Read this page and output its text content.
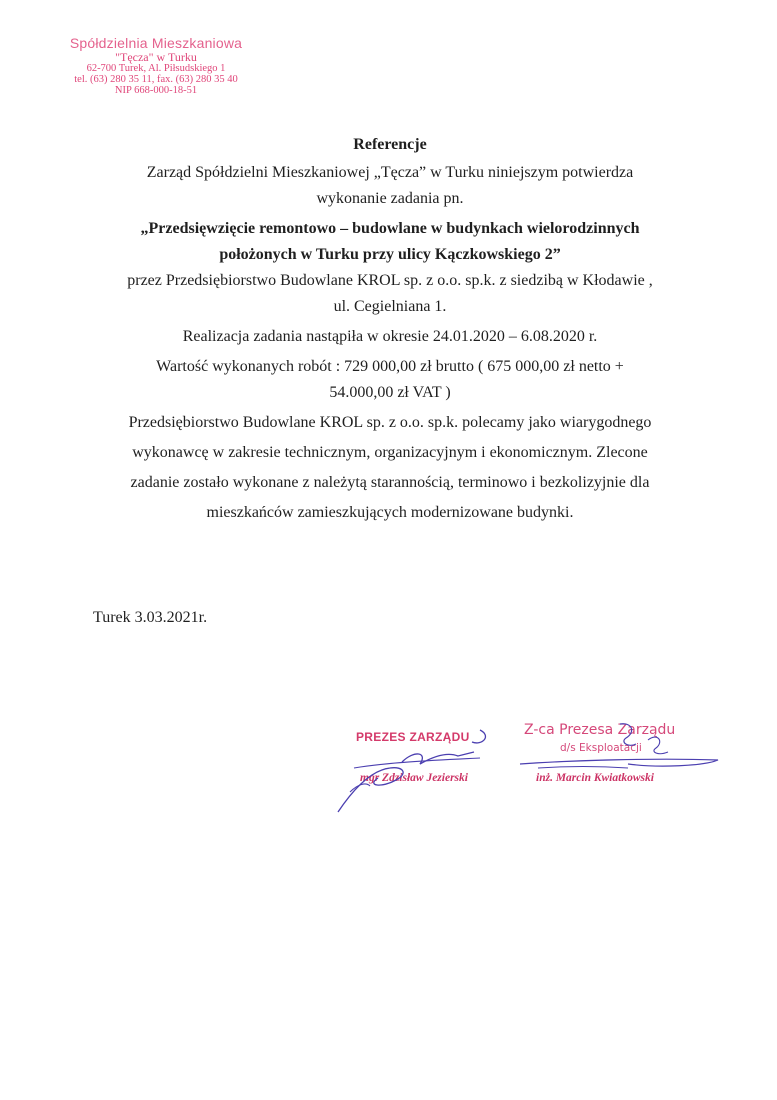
Spółdzielnia Mieszkaniowa
"Tęcza" w Turku
62-700 Turek, Al. Piłsudskiego 1
tel. (63) 280 35 11, fax. (63) 280 35 40
NIP 668-000-18-51

Referencje

Zarząd Spółdzielni Mieszkaniowej „Tęcza” w Turku niniejszym potwierdza

wykonanie zadania pn.

„Przedsięwzięcie remontowo – budowlane w budynkach wielorodzinnych

położonych w Turku przy ulicy Kączkowskiego 2”

przez Przedsiębiorstwo Budowlane KROL sp. z o.o. sp.k. z siedzibą w Kłodawie ,

ul. Cegielniana 1.

Realizacja zadania nastąpiła w okresie 24.01.2020 – 6.08.2020 r.

Wartość wykonanych robót : 729 000,00 zł brutto ( 675 000,00 zł netto +

54.000,00 zł VAT )

Przedsiębiorstwo Budowlane KROL sp. z o.o. sp.k. polecamy jako wiarygodnego

wykonawcę w zakresie technicznym, organizacyjnym i ekonomicznym. Zlecone

zadanie zostało wykonane z należytą starannością, terminowo i bezkolizyjnie dla

mieszkańców zamieszkujących modernizowane budynki.

Turek 3.03.2021r.
PREZES ZARZĄDU
mgr Zdzisław Jezierski
Z-ca Prezesa Zarządu
d/s Eksploatacji
inż. Marcin Kwiatkowski
